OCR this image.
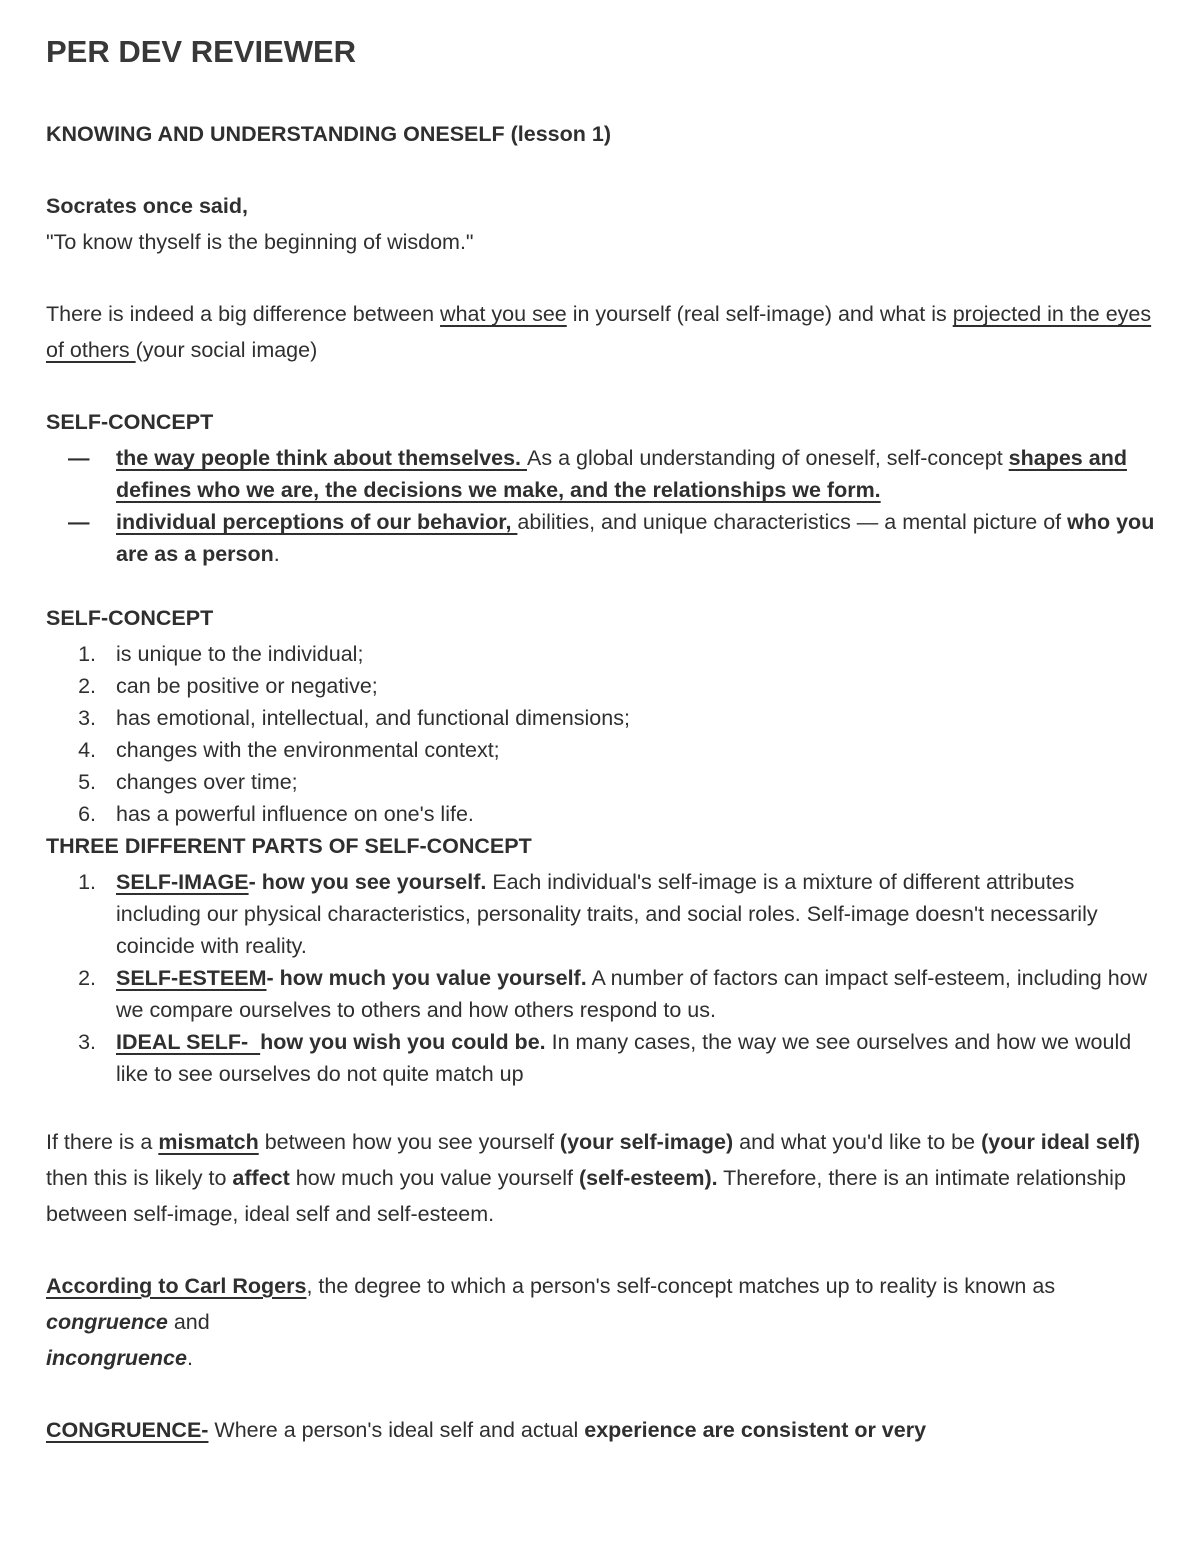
PER DEV REVIEWER

KNOWING AND UNDERSTANDING ONESELF (lesson 1)

Socrates once said,
"To know thyself is the beginning of wisdom."

There is indeed a big difference between what you see in yourself (real self-image) and what is projected in the eyes of others (your social image)

SELF-CONCEPT

— the way people think about themselves. As a global understanding of oneself, self-concept shapes and defines who we are, the decisions we make, and the relationships we form.
— individual perceptions of our behavior, abilities, and unique characteristics — a mental picture of who you are as a person.

SELF-CONCEPT

1. is unique to the individual;
2. can be positive or negative;
3. has emotional, intellectual, and functional dimensions;
4. changes with the environmental context;
5. changes over time;
6. has a powerful influence on one's life.

THREE DIFFERENT PARTS OF SELF-CONCEPT

1. SELF-IMAGE- how you see yourself. Each individual's self-image is a mixture of different attributes including our physical characteristics, personality traits, and social roles. Self-image doesn't necessarily coincide with reality.
2. SELF-ESTEEM- how much you value yourself. A number of factors can impact self-esteem, including how we compare ourselves to others and how others respond to us.
3. IDEAL SELF-  how you wish you could be. In many cases, the way we see ourselves and how we would like to see ourselves do not quite match up

If there is a mismatch between how you see yourself (your self-image) and what you'd like to be (your ideal self) then this is likely to affect how much you value yourself (self-esteem). Therefore, there is an intimate relationship between self-image, ideal self and self-esteem.

According to Carl Rogers, the degree to which a person's self-concept matches up to reality is known as congruence and
incongruence.

CONGRUENCE- Where a person's ideal self and actual experience are consistent or very
